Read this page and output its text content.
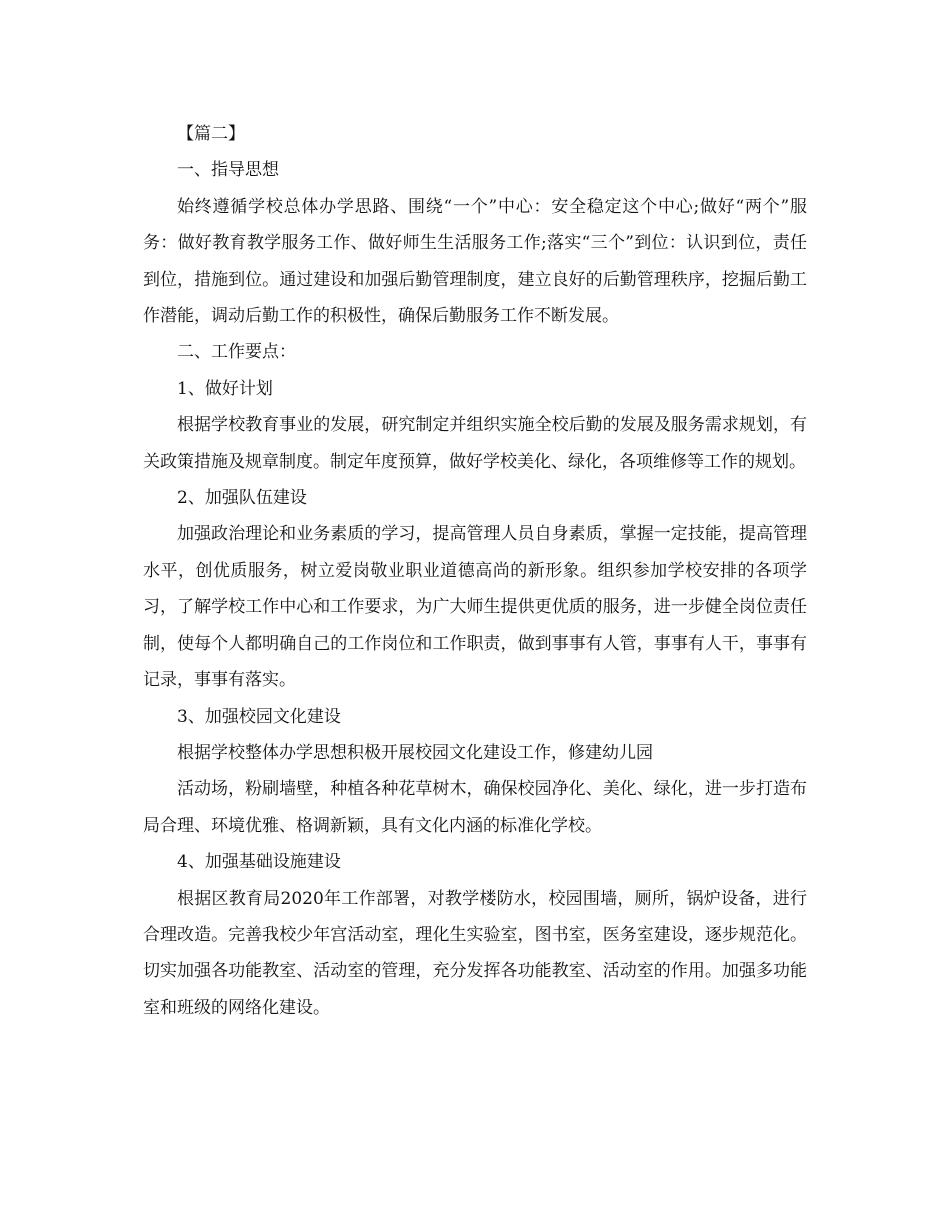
【篇二】

一、指导思想

始终遵循学校总体办学思路、围绕“一个”中心：安全稳定这个中心;做好“两个”服务：做好教育教学服务工作、做好师生生活服务工作;落实“三个”到位：认识到位，责任到位，措施到位。通过建设和加强后勤管理制度，建立良好的后勤管理秩序，挖掘后勤工作潜能，调动后勤工作的积极性，确保后勤服务工作不断发展。

二、工作要点：

1、做好计划

根据学校教育事业的发展，研究制定并组织实施全校后勤的发展及服务需求规划，有关政策措施及规章制度。制定年度预算，做好学校美化、绿化，各项维修等工作的规划。

2、加强队伍建设

加强政治理论和业务素质的学习，提高管理人员自身素质，掌握一定技能，提高管理水平，创优质服务，树立爱岗敬业职业道德高尚的新形象。组织参加学校安排的各项学习，了解学校工作中心和工作要求，为广大师生提供更优质的服务，进一步健全岗位责任制，使每个人都明确自己的工作岗位和工作职责，做到事事有人管，事事有人干，事事有记录，事事有落实。

3、加强校园文化建设

根据学校整体办学思想积极开展校园文化建设工作，修建幼儿园

活动场，粉刷墙壁，种植各种花草树木，确保校园净化、美化、绿化，进一步打造布局合理、环境优雅、格调新颖，具有文化内涵的标准化学校。

4、加强基础设施建设

根据区教育局2020年工作部署，对教学楼防水，校园围墙，厕所，锅炉设备，进行合理改造。完善我校少年宫活动室，理化生实验室，图书室，医务室建设，逐步规范化。切实加强各功能教室、活动室的管理，充分发挥各功能教室、活动室的作用。加强多功能室和班级的网络化建设。
